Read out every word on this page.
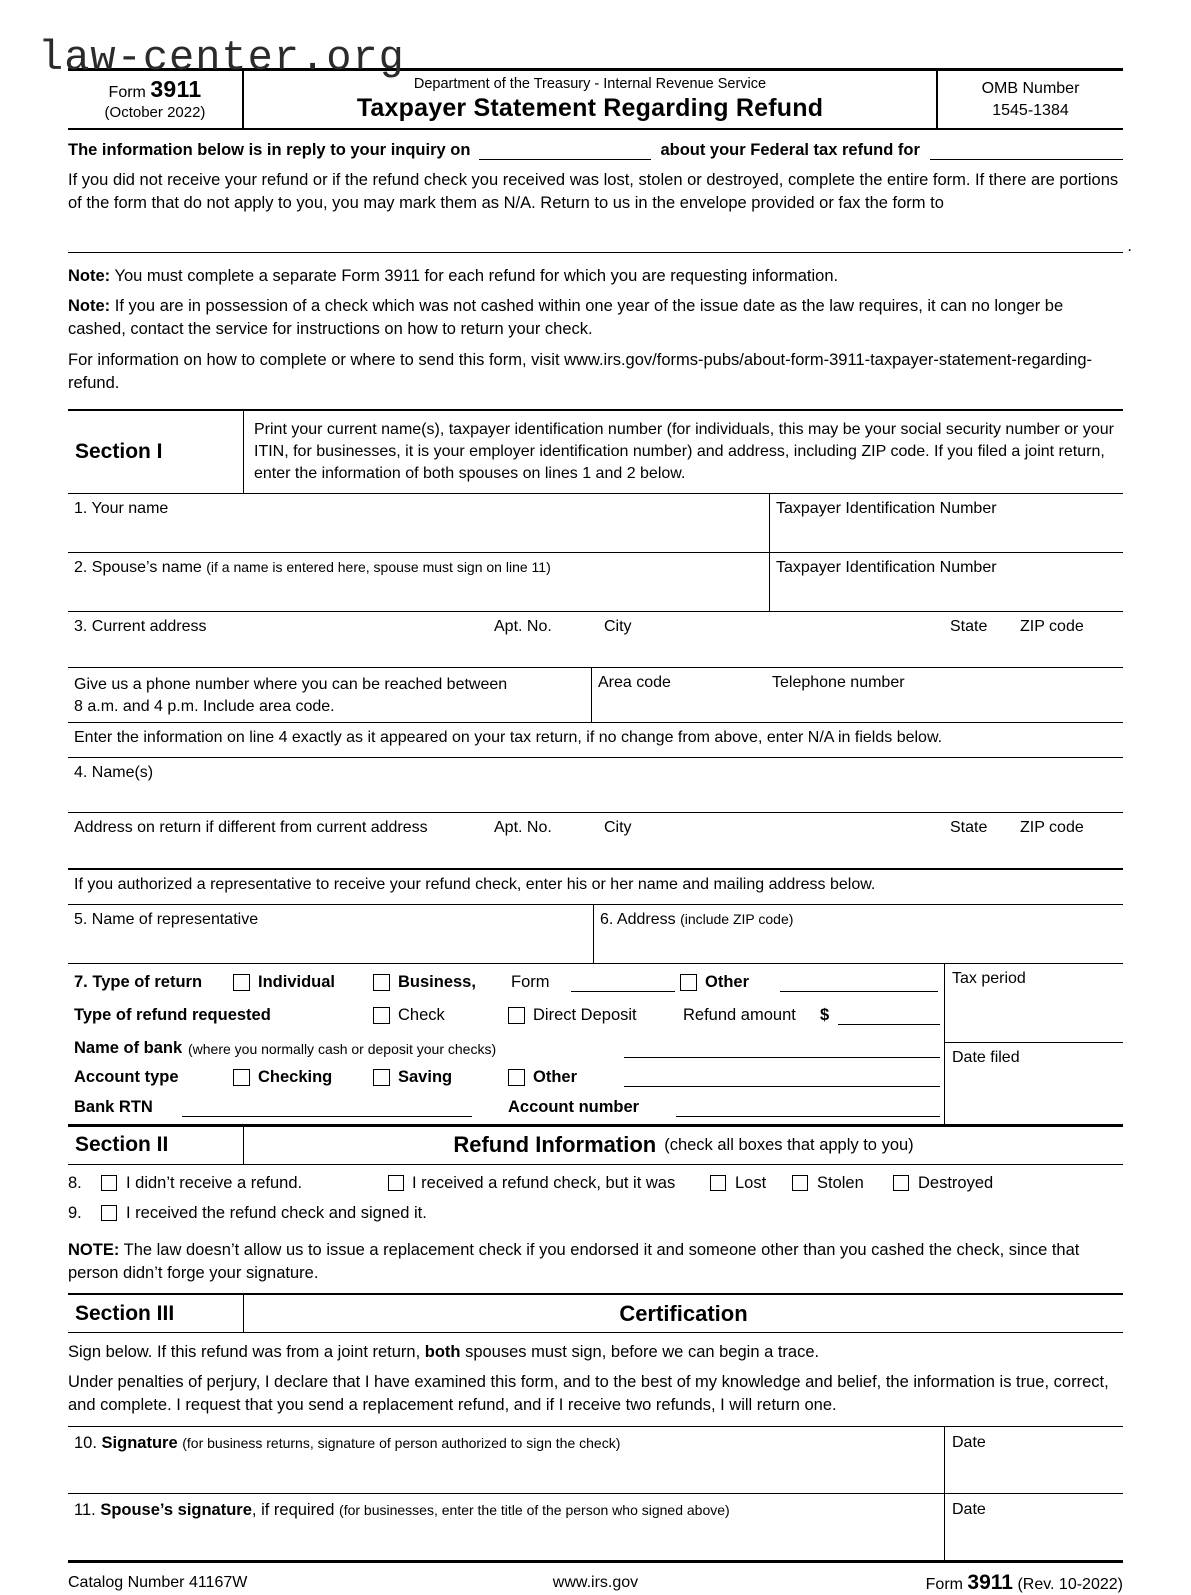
law-center.org
Form 3911
(October 2022)
Department of the Treasury - Internal Revenue Service
Taxpayer Statement Regarding Refund
OMB Number
1545-1384
The information below is in reply to your inquiry on	about your Federal tax refund for
If you did not receive your refund or if the refund check you received was lost, stolen or destroyed, complete the entire form. If there are portions of the form that do not apply to you, you may mark them as N/A. Return to us in the envelope provided or fax the form to
.

Note: You must complete a separate Form 3911 for each refund for which you are requesting information.

Note: If you are in possession of a check which was not cashed within one year of the issue date as the law requires, it can no longer be cashed, contact the service for instructions on how to return your check.

For information on how to complete or where to send this form, visit www.irs.gov/forms-pubs/about-form-3911-taxpayer-statement-regarding-refund.

Section I
Print your current name(s), taxpayer identification number (for individuals, this may be your social security number or your ITIN, for businesses, it is your employer identification number) and address, including ZIP code. If you filed a joint return, enter the information of both spouses on lines 1 and 2 below.
1. Your name	Taxpayer Identification Number
2. Spouse’s name (if a name is entered here, spouse must sign on line 11)	Taxpayer Identification Number
3. Current address	Apt. No.	City	State ZIP code
Give us a phone number where you can be reached between
8 a.m. and 4 p.m. Include area code.
Area code	Telephone number
Enter the information on line 4 exactly as it appeared on your tax return, if no change from above, enter N/A in fields below.
4. Name(s)
Address on return if different from current address	Apt. No.	City	State ZIP code
If you authorized a representative to receive your refund check, enter his or her name and mailing address below.
5. Name of representative	6. Address (include ZIP code)
7. Type of return	Individual	Business, Form	Other
Type of refund requested	Check	Direct Deposit	Refund amount $
Name of bank (where you normally cash or deposit your checks)
Account type	Checking	Saving	Other
Bank RTN	Account number
Tax period
Date filed
Section II	Refund Information (check all boxes that apply to you)
8.	I didn’t receive a refund.	I received a refund check, but it was	Lost	Stolen	Destroyed
9.	I received the refund check and signed it.
NOTE: The law doesn’t allow us to issue a replacement check if you endorsed it and someone other than you cashed the check, since that person didn’t forge your signature.
Section III	Certification
Sign below. If this refund was from a joint return, both spouses must sign, before we can begin a trace.
Under penalties of perjury, I declare that I have examined this form, and to the best of my knowledge and belief, the information is true, correct, and complete. I request that you send a replacement refund, and if I receive two refunds, I will return one.
10. Signature (for business returns, signature of person authorized to sign the check)	Date
11. Spouse’s signature, if required (for businesses, enter the title of the person who signed above)	Date
Catalog Number 41167W	www.irs.gov	Form 3911 (Rev. 10-2022)
